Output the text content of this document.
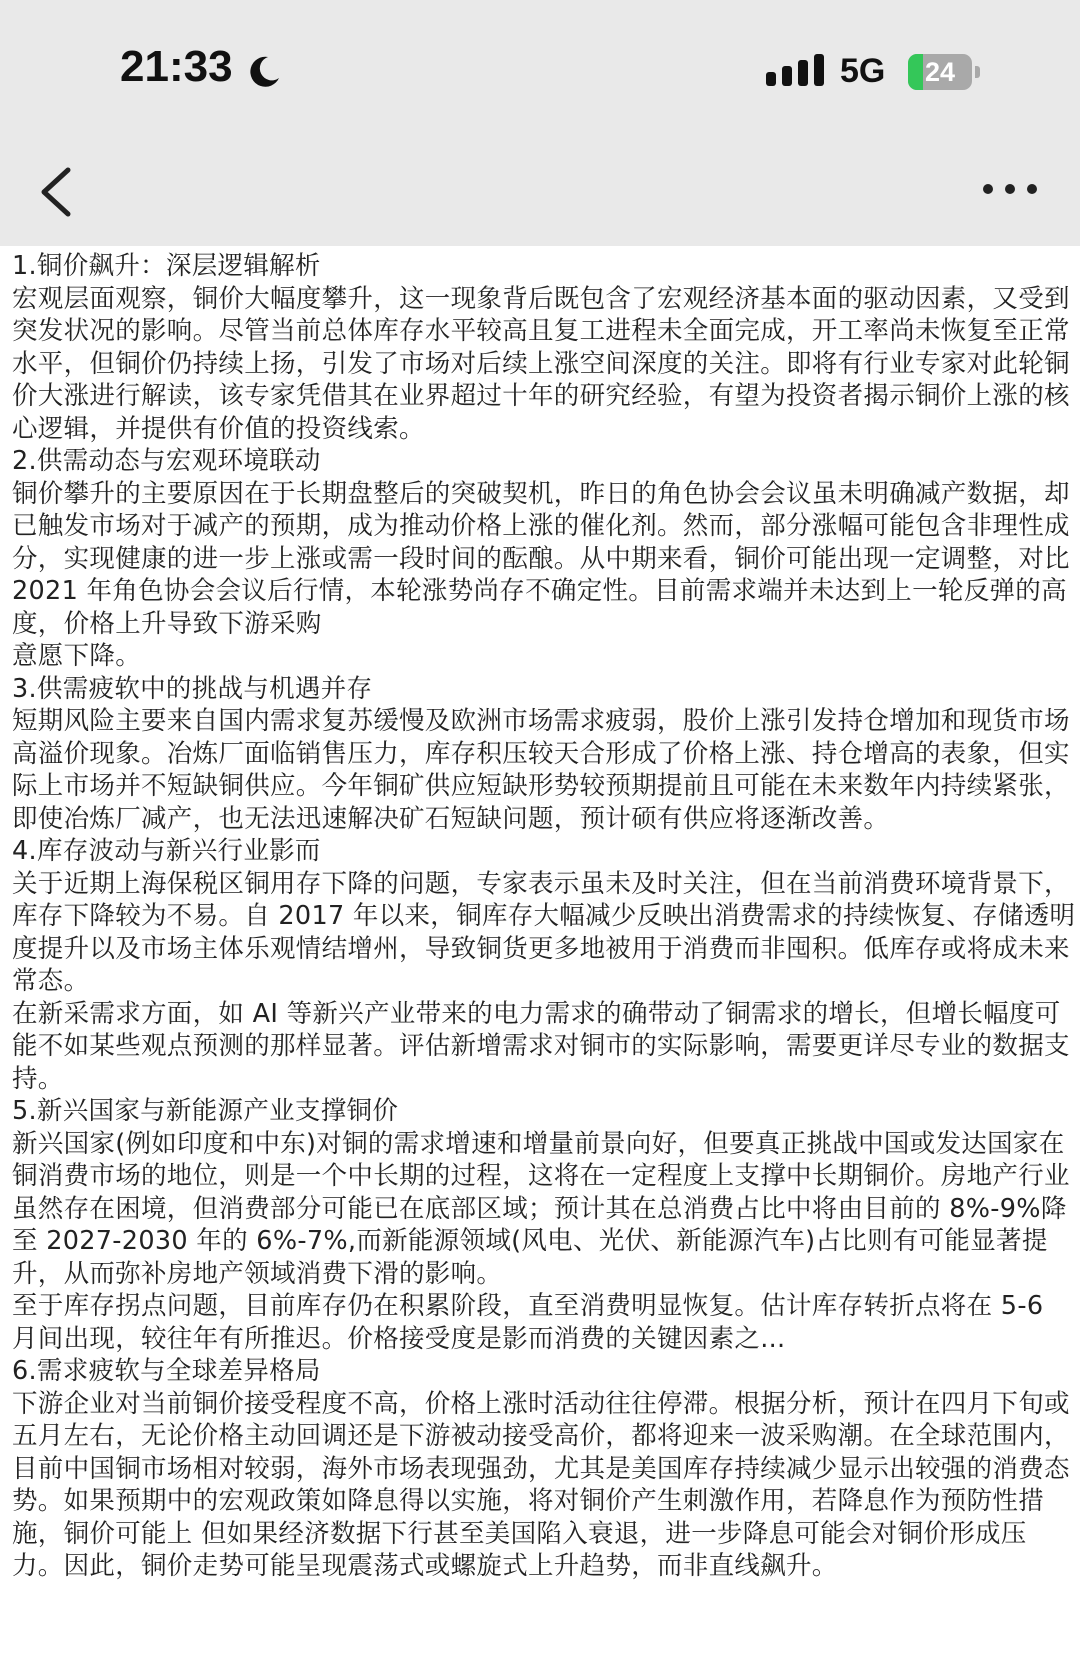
21:33	5G	24

1.铜价飙升：深层逻辑解析

宏观层面观察，铜价大幅度攀升，这一现象背后既包含了宏观经济基本面的驱动因素，又受到突发状况的影响。尽管当前总体库存水平较高且复工进程未全面完成，开工率尚未恢复至正常水平，但铜价仍持续上扬，引发了市场对后续上涨空间深度的关注。即将有行业专家对此轮铜价大涨进行解读，该专家凭借其在业界超过十年的研究经验，有望为投资者揭示铜价上涨的核心逻辑，并提供有价值的投资线索。

2.供需动态与宏观环境联动

铜价攀升的主要原因在于长期盘整后的突破契机，昨日的角色协会会议虽未明确减产数据，却已触发市场对于减产的预期，成为推动价格上涨的催化剂。然而，部分涨幅可能包含非理性成分，实现健康的进一步上涨或需一段时间的酝酿。从中期来看，铜价可能出现一定调整，对比 2021 年角色协会会议后行情，本轮涨势尚存不确定性。目前需求端并未达到上一轮反弹的高度，价格上升导致下游采购

意愿下降。

3.供需疲软中的挑战与机遇并存

短期风险主要来自国内需求复苏缓慢及欧洲市场需求疲弱，股价上涨引发持仓增加和现货市场高溢价现象。冶炼厂面临销售压力，库存积压较天合形成了价格上涨、持仓增高的表象，但实际上市场并不短缺铜供应。今年铜矿供应短缺形势较预期提前且可能在未来数年内持续紧张，即使冶炼厂减产，也无法迅速解决矿石短缺问题，预计硕有供应将逐渐改善。

4.库存波动与新兴行业影而

关于近期上海保税区铜用存下降的问题，专家表示虽未及时关注，但在当前消费环境背景下，库存下降较为不易。自 2017 年以来，铜库存大幅减少反映出消费需求的持续恢复、存储透明度提升以及市场主体乐观情结增州，导致铜货更多地被用于消费而非囤积。低库存或将成未来常态。

在新采需求方面，如 AI 等新兴产业带来的电力需求的确带动了铜需求的增长，但增长幅度可能不如某些观点预测的那样显著。评估新增需求对铜市的实际影响，需要更详尽专业的数据支持。

5.新兴国家与新能源产业支撑铜价

新兴国家(例如印度和中东)对铜的需求增速和增量前景向好，但要真正挑战中国或发达国家在铜消费市场的地位，则是一个中长期的过程，这将在一定程度上支撑中长期铜价。房地产行业虽然存在困境，但消费部分可能已在底部区域；预计其在总消费占比中将由目前的 8%-9%降至 2027-2030 年的 6%-7%,而新能源领域(风电、光伏、新能源汽车)占比则有可能显著提升，从而弥补房地产领域消费下滑的影响。

至于库存拐点问题，目前库存仍在积累阶段，直至消费明显恢复。估计库存转折点将在 5-6 月间出现，较往年有所推迟。价格接受度是影而消费的关键因素之...

6.需求疲软与全球差异格局

下游企业对当前铜价接受程度不高，价格上涨时活动往往停滞。根据分析，预计在四月下旬或五月左右，无论价格主动回调还是下游被动接受高价，都将迎来一波采购潮。在全球范围内，目前中国铜市场相对较弱，海外市场表现强劲，尤其是美国库存持续减少显示出较强的消费态势。如果预期中的宏观政策如降息得以实施，将对铜价产生刺激作用，若降息作为预防性措施，铜价可能上 但如果经济数据下行甚至美国陷入衰退，进一步降息可能会对铜价形成压力。因此，铜价走势可能呈现震荡式或螺旋式上升趋势，而非直线飙升。
